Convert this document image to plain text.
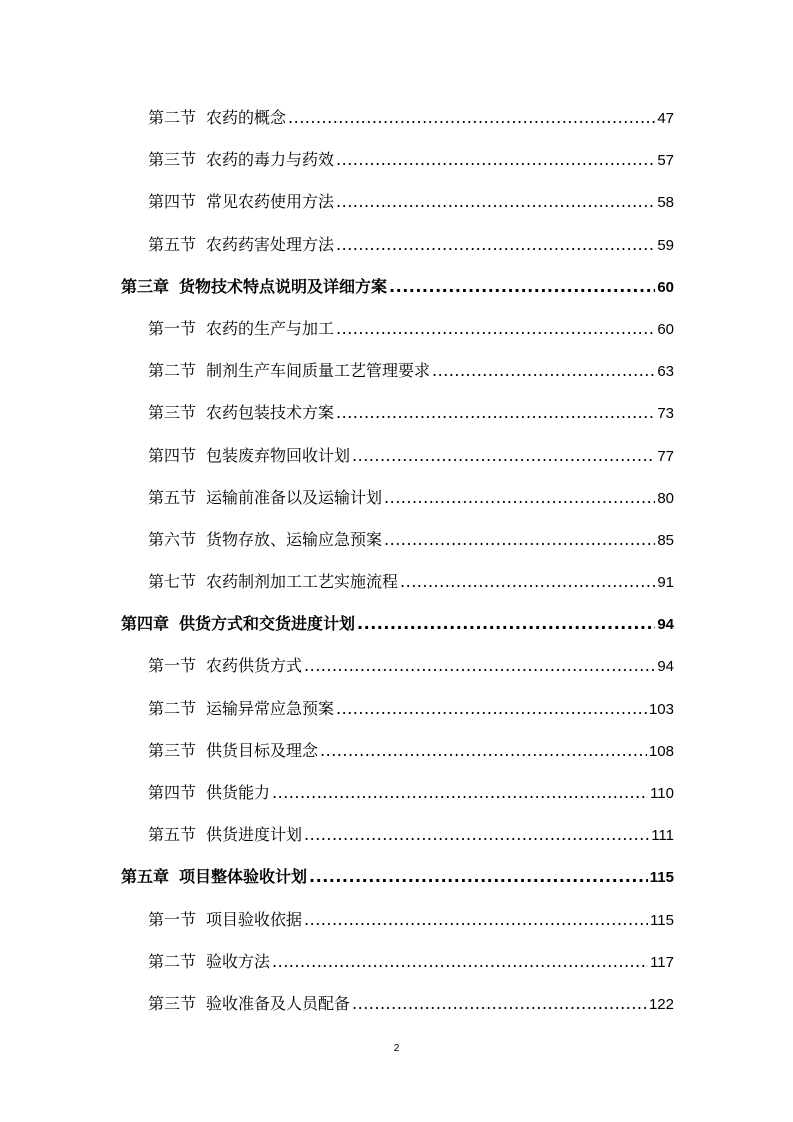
第二节 农药的概念 .....	47
第三节 农药的毒力与药效 .....	57
第四节 常见农药使用方法 .....	58
第五节 农药药害处理方法 .....	59
第三章 货物技术特点说明及详细方案 .....	60
第一节 农药的生产与加工 .....	60
第二节 制剂生产车间质量工艺管理要求 .....	63
第三节 农药包装技术方案 .....	73
第四节 包装废弃物回收计划 .....	77
第五节 运输前准备以及运输计划 .....	80
第六节 货物存放、运输应急预案 .....	85
第七节 农药制剂加工工艺实施流程 .....	91
第四章 供货方式和交货进度计划 .....	94
第一节 农药供货方式 .....	94
第二节 运输异常应急预案 .....	103
第三节 供货目标及理念 .....	108
第四节 供货能力 .....	110
第五节 供货进度计划 .....	111
第五章 项目整体验收计划 .....	115
第一节 项目验收依据 .....	115
第二节 验收方法 .....	117
第三节 验收准备及人员配备 .....	122
2
